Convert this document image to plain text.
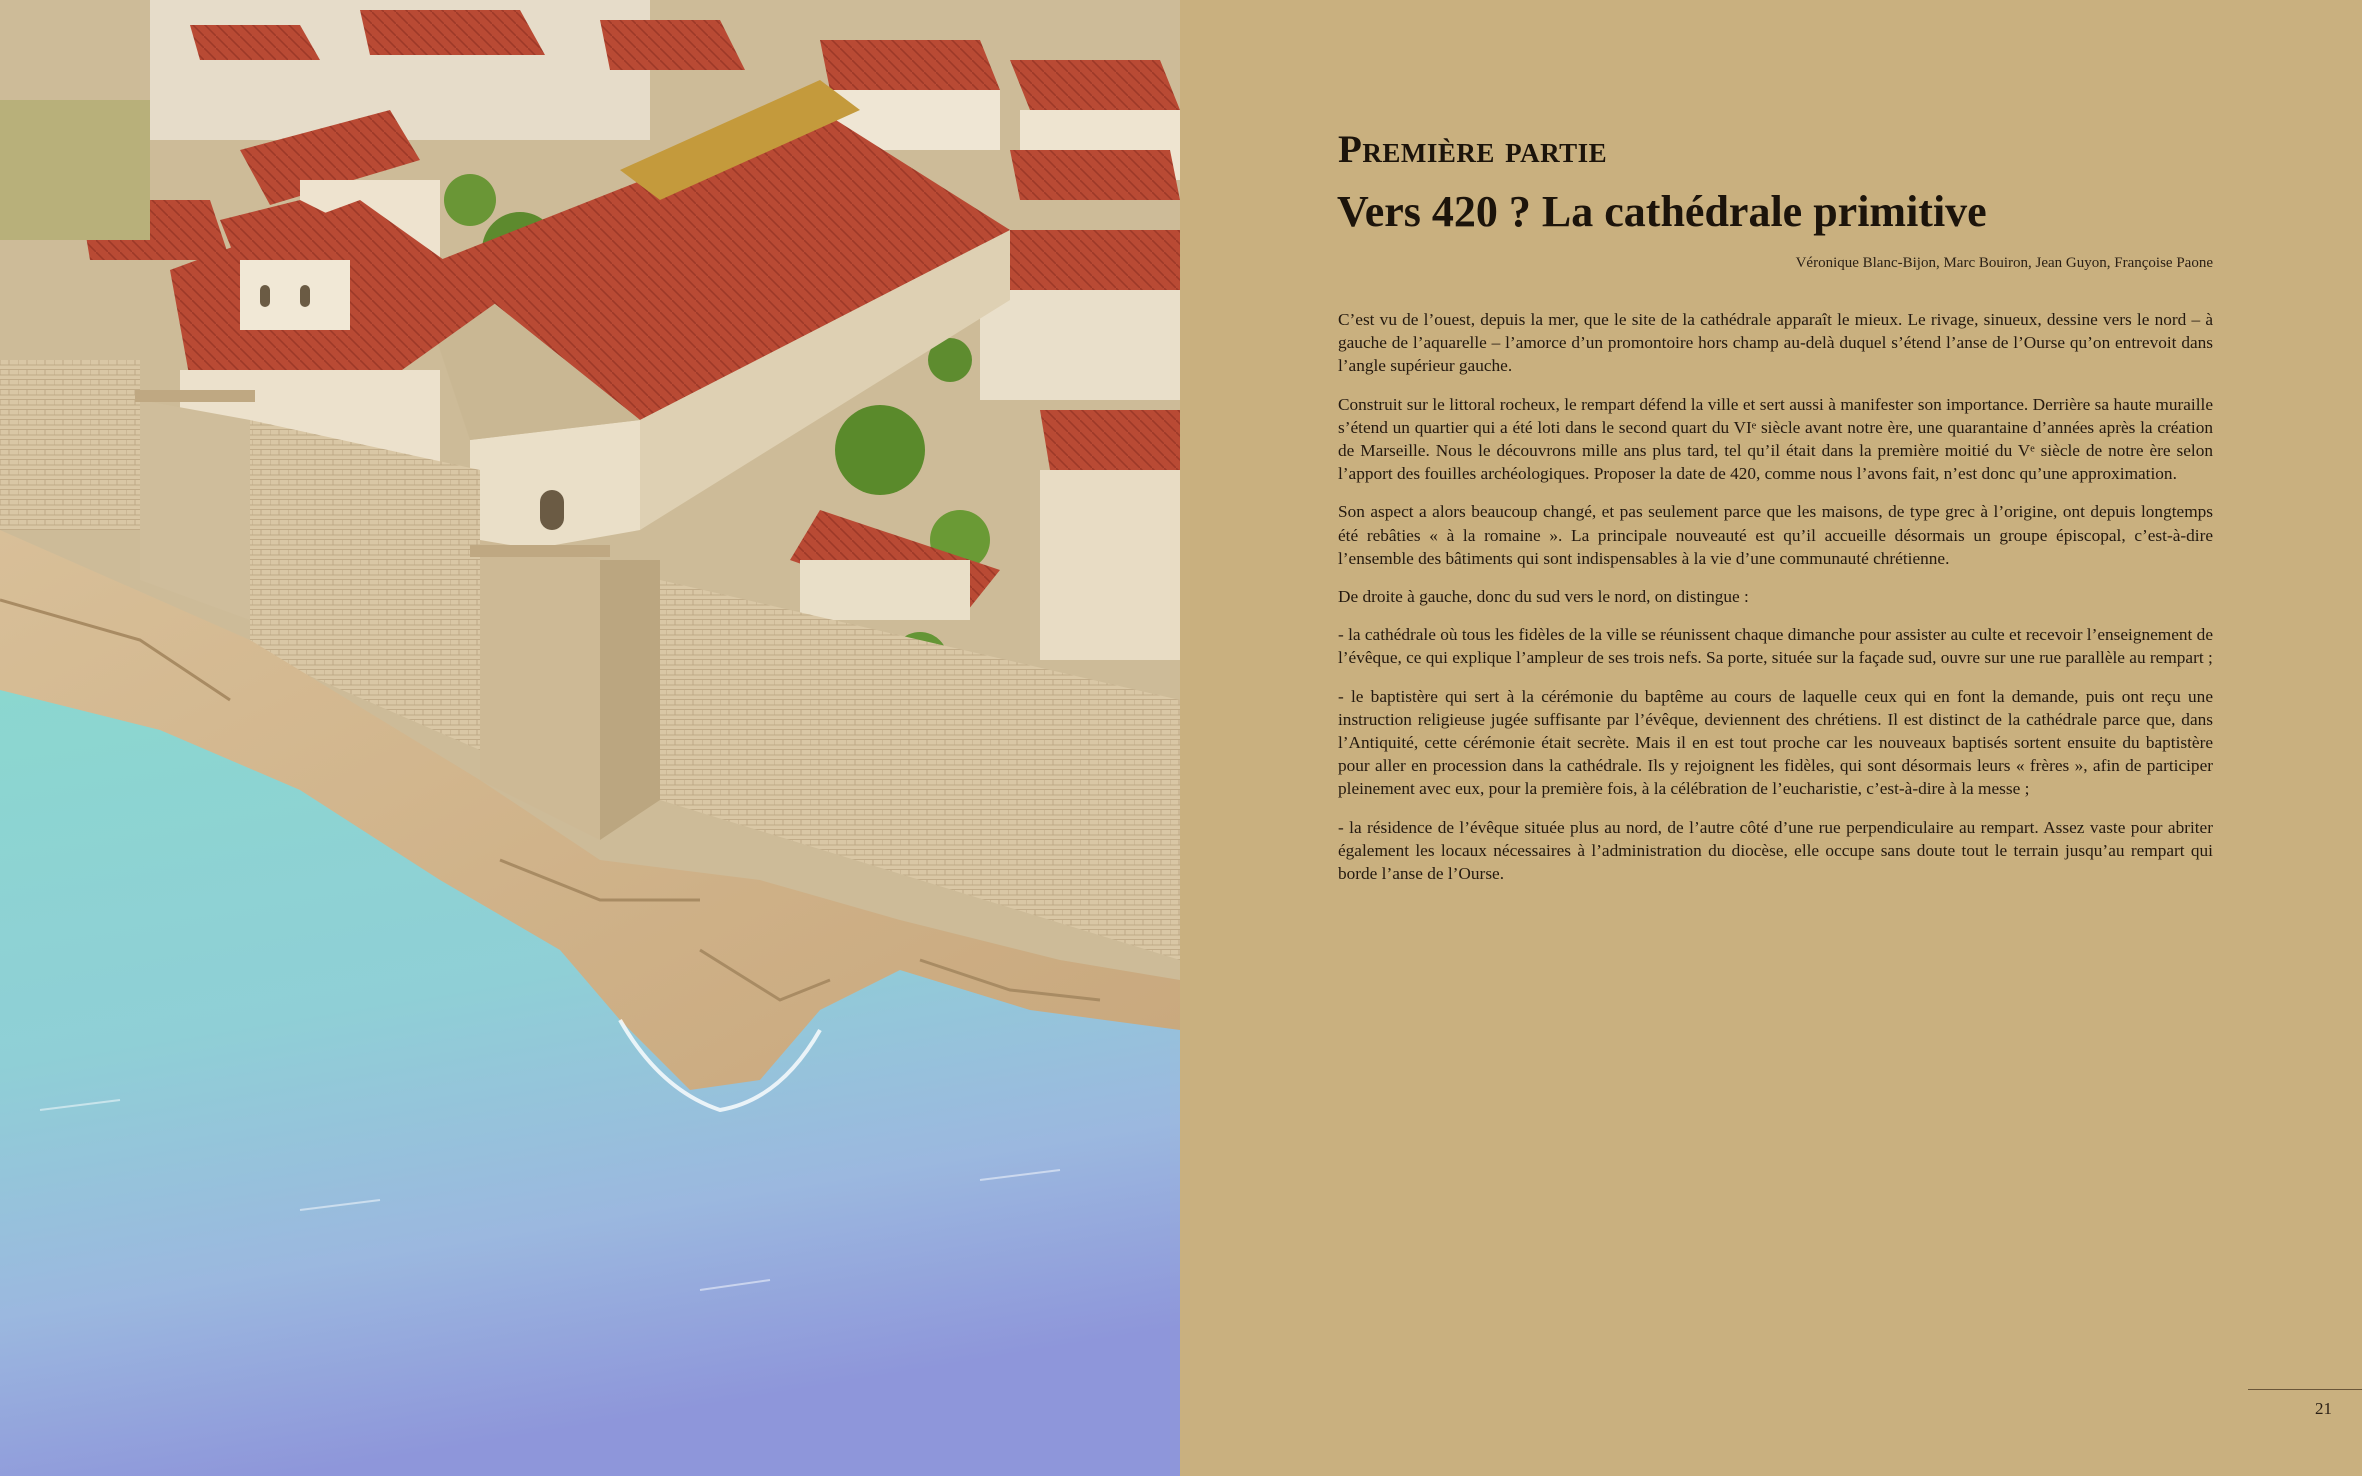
Première partie
Vers 420 ? La cathédrale primitive

Véronique Blanc-Bijon, Marc Bouiron, Jean Guyon, Françoise Paone

C’est vu de l’ouest, depuis la mer, que le site de la cathédrale apparaît le mieux. Le rivage, sinueux, dessine vers le nord – à gauche de l’aquarelle – l’amorce d’un promontoire hors champ au-delà duquel s’étend l’anse de l’Ourse qu’on entrevoit dans l’angle supérieur gauche.

Construit sur le littoral rocheux, le rempart défend la ville et sert aussi à manifester son importance. Derrière sa haute muraille s’étend un quartier qui a été loti dans le second quart du VIᵉ siècle avant notre ère, une quarantaine d’années après la création de Marseille. Nous le découvrons mille ans plus tard, tel qu’il était dans la première moitié du Vᵉ siècle de notre ère selon l’apport des fouilles archéologiques. Proposer la date de 420, comme nous l’avons fait, n’est donc qu’une approximation.

Son aspect a alors beaucoup changé, et pas seulement parce que les maisons, de type grec à l’origine, ont depuis longtemps été rebâties « à la romaine ». La principale nouveauté est qu’il accueille désormais un groupe épiscopal, c’est-à-dire l’ensemble des bâtiments qui sont indispensables à la vie d’une communauté chrétienne.

De droite à gauche, donc du sud vers le nord, on distingue :

- la cathédrale où tous les fidèles de la ville se réunissent chaque dimanche pour assister au culte et recevoir l’enseignement de l’évêque, ce qui explique l’ampleur de ses trois nefs. Sa porte, située sur la façade sud, ouvre sur une rue parallèle au rempart ;

- le baptistère qui sert à la cérémonie du baptême au cours de laquelle ceux qui en font la demande, puis ont reçu une instruction religieuse jugée suffisante par l’évêque, deviennent des chrétiens. Il est distinct de la cathédrale parce que, dans l’Antiquité, cette cérémonie était secrète. Mais il en est tout proche car les nouveaux baptisés sortent ensuite du baptistère pour aller en procession dans la cathédrale. Ils y rejoignent les fidèles, qui sont désormais leurs « frères », afin de participer pleinement avec eux, pour la première fois, à la célébration de l’eucharistie, c’est-à-dire à la messe ;

- la résidence de l’évêque située plus au nord, de l’autre côté d’une rue perpendiculaire au rempart. Assez vaste pour abriter également les locaux nécessaires à l’administration du diocèse, elle occupe sans doute tout le terrain jusqu’au rempart qui borde l’anse de l’Ourse.

21
